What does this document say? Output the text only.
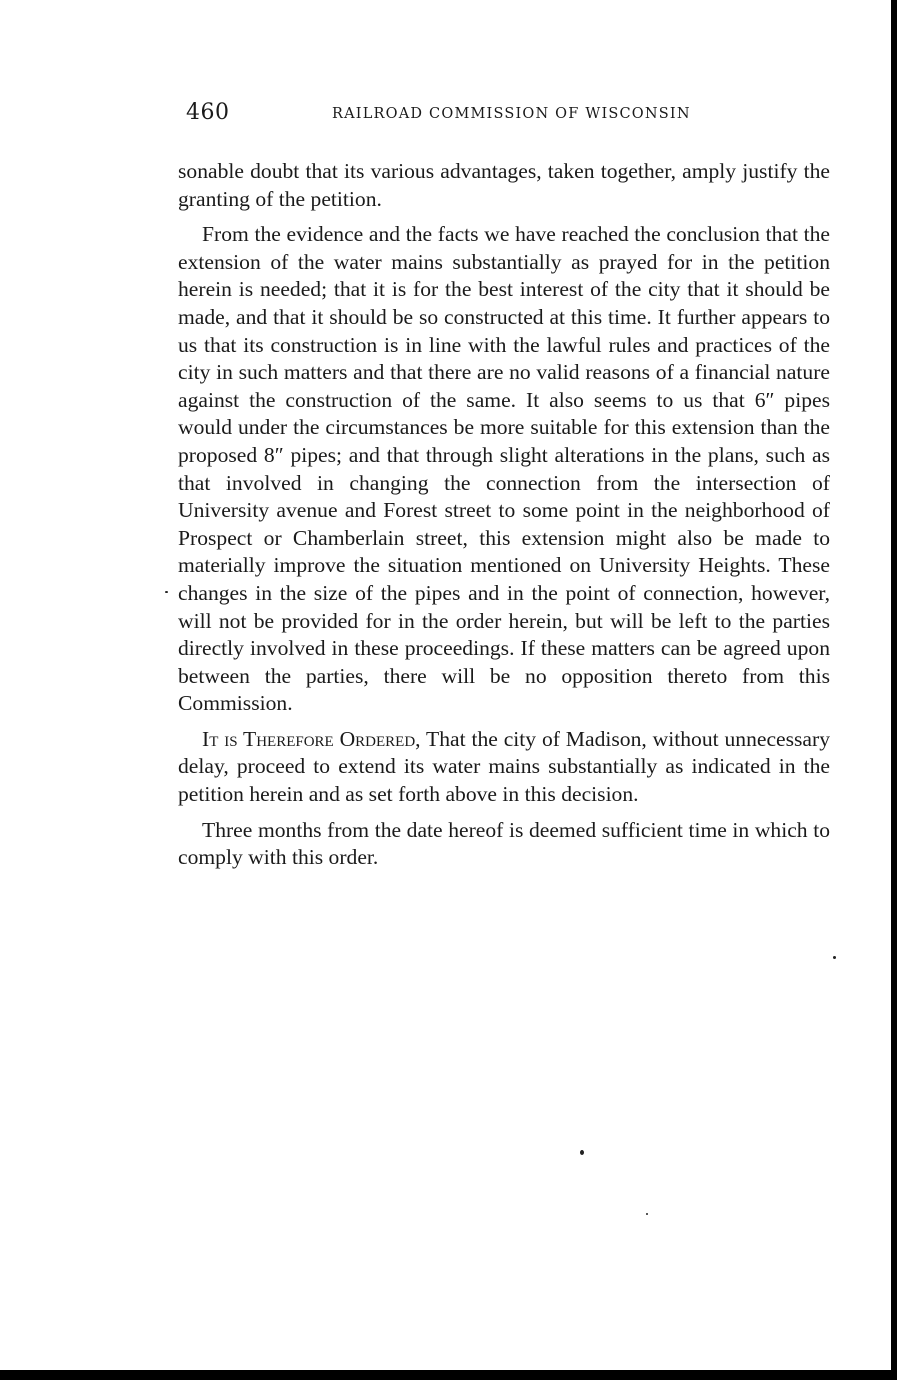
460	RAILROAD COMMISSION OF WISCONSIN

sonable doubt that its various advantages, taken together, amply justify the granting of the petition.

From the evidence and the facts we have reached the conclusion that the extension of the water mains substantially as prayed for in the petition herein is needed; that it is for the best interest of the city that it should be made, and that it should be so constructed at this time. It further appears to us that its construction is in line with the lawful rules and practices of the city in such matters and that there are no valid reasons of a financial nature against the construction of the same. It also seems to us that 6″ pipes would under the circumstances be more suitable for this extension than the proposed 8″ pipes; and that through slight alterations in the plans, such as that involved in changing the connection from the intersection of University avenue and Forest street to some point in the neighborhood of Prospect or Chamberlain street, this extension might also be made to materially improve the situation mentioned on University Heights. These changes in the size of the pipes and in the point of connection, however, will not be provided for in the order herein, but will be left to the parties directly involved in these proceedings. If these matters can be agreed upon between the parties, there will be no opposition thereto from this Commission.

It is Therefore Ordered, That the city of Madison, without unnecessary delay, proceed to extend its water mains substantially as indicated in the petition herein and as set forth above in this decision.

Three months from the date hereof is deemed sufficient time in which to comply with this order.
